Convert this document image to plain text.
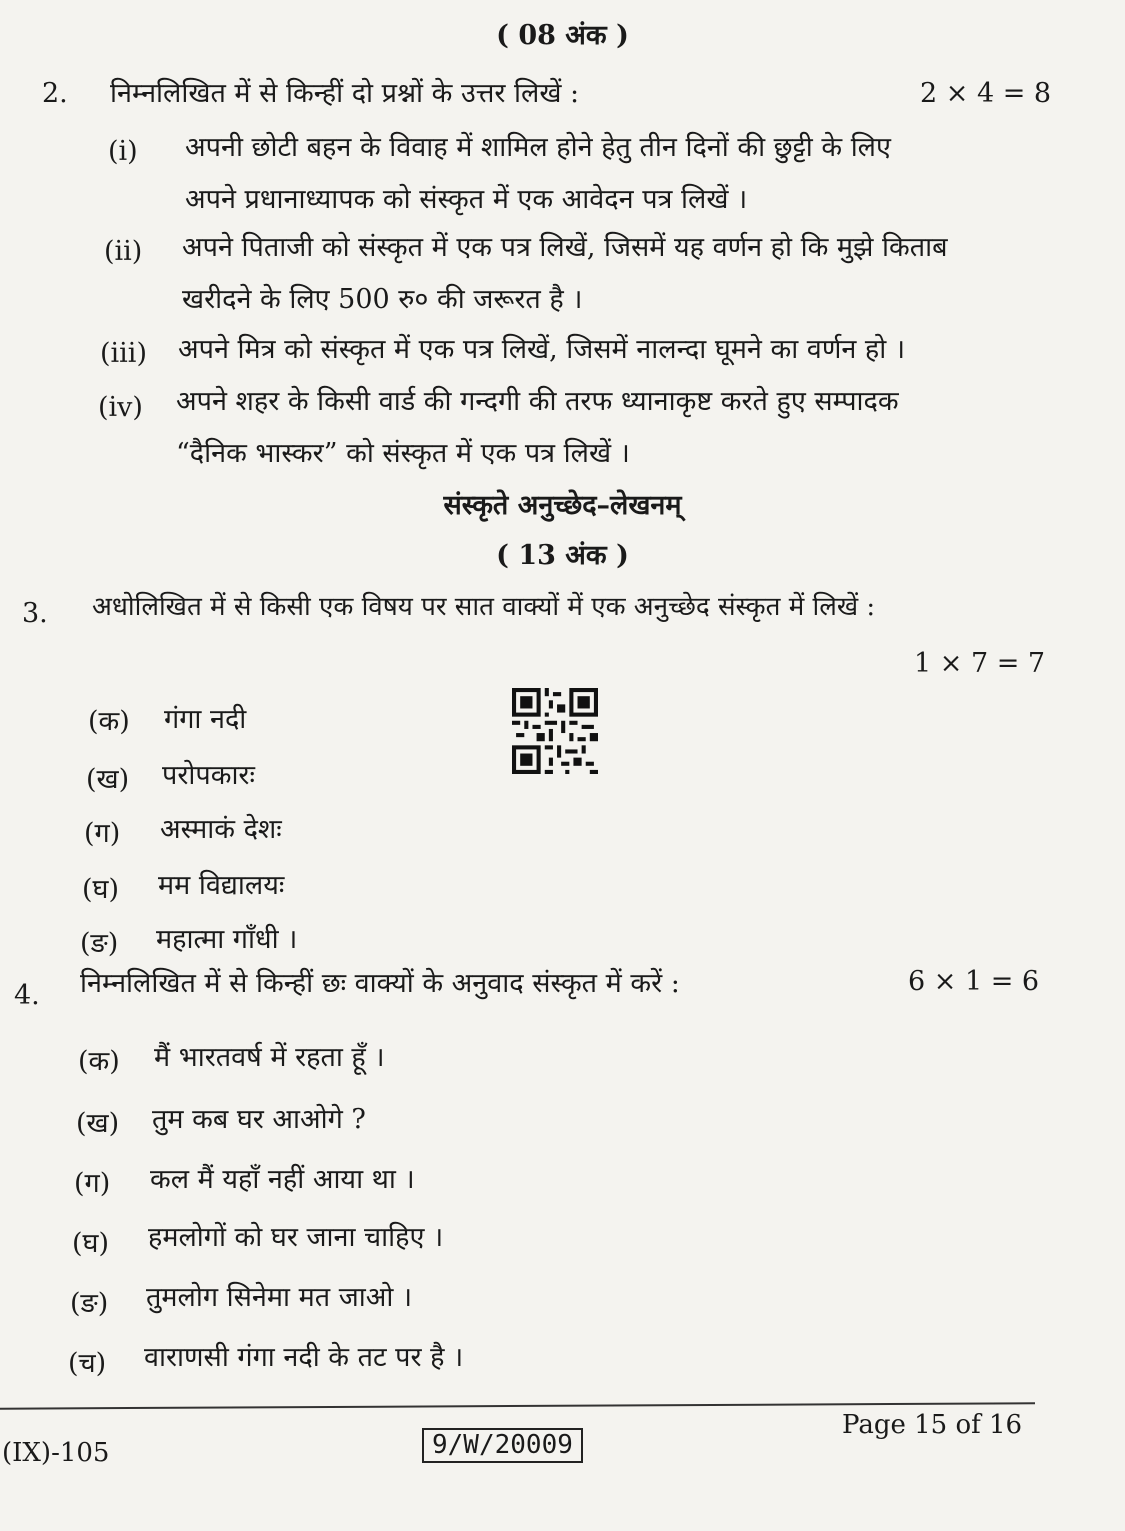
( 08 अंक )
2. निम्नलिखित में से किन्हीं दो प्रश्नों के उत्तर लिखें :	2 × 4 = 8
(i) अपनी छोटी बहन के विवाह में शामिल होने हेतु तीन दिनों की छुट्टी के लिए
अपने प्रधानाध्यापक को संस्कृत में एक आवेदन पत्र लिखें ।
(ii) अपने पिताजी को संस्कृत में एक पत्र लिखें, जिसमें यह वर्णन हो कि मुझे किताब
खरीदने के लिए 500 रु० की जरूरत है ।
(iii) अपने मित्र को संस्कृत में एक पत्र लिखें, जिसमें नालन्दा घूमने का वर्णन हो ।
(iv) अपने शहर के किसी वार्ड की गन्दगी की तरफ ध्यानाकृष्ट करते हुए सम्पादक
“दैनिक भास्कर” को संस्कृत में एक पत्र लिखें ।
संस्कृते अनुच्छेद–लेखनम्
( 13 अंक )
3. अधोलिखित में से किसी एक विषय पर सात वाक्यों में एक अनुच्छेद संस्कृत में लिखें :
1 × 7 = 7
(क) गंगा नदी
(ख) परोपकारः
(ग) अस्माकं देशः
(घ) मम विद्यालयः
(ङ) महात्मा गाँधी ।
4. निम्नलिखित में से किन्हीं छः वाक्यों के अनुवाद संस्कृत में करें :	6 × 1 = 6
(क) मैं भारतवर्ष में रहता हूँ ।
(ख) तुम कब घर आओगे ?
(ग) कल मैं यहाँ नहीं आया था ।
(घ) हमलोगों को घर जाना चाहिए ।
(ङ) तुमलोग सिनेमा मत जाओ ।
(च) वाराणसी गंगा नदी के तट पर है ।
(IX)-105	9/W/20009
Page 15 of 16
